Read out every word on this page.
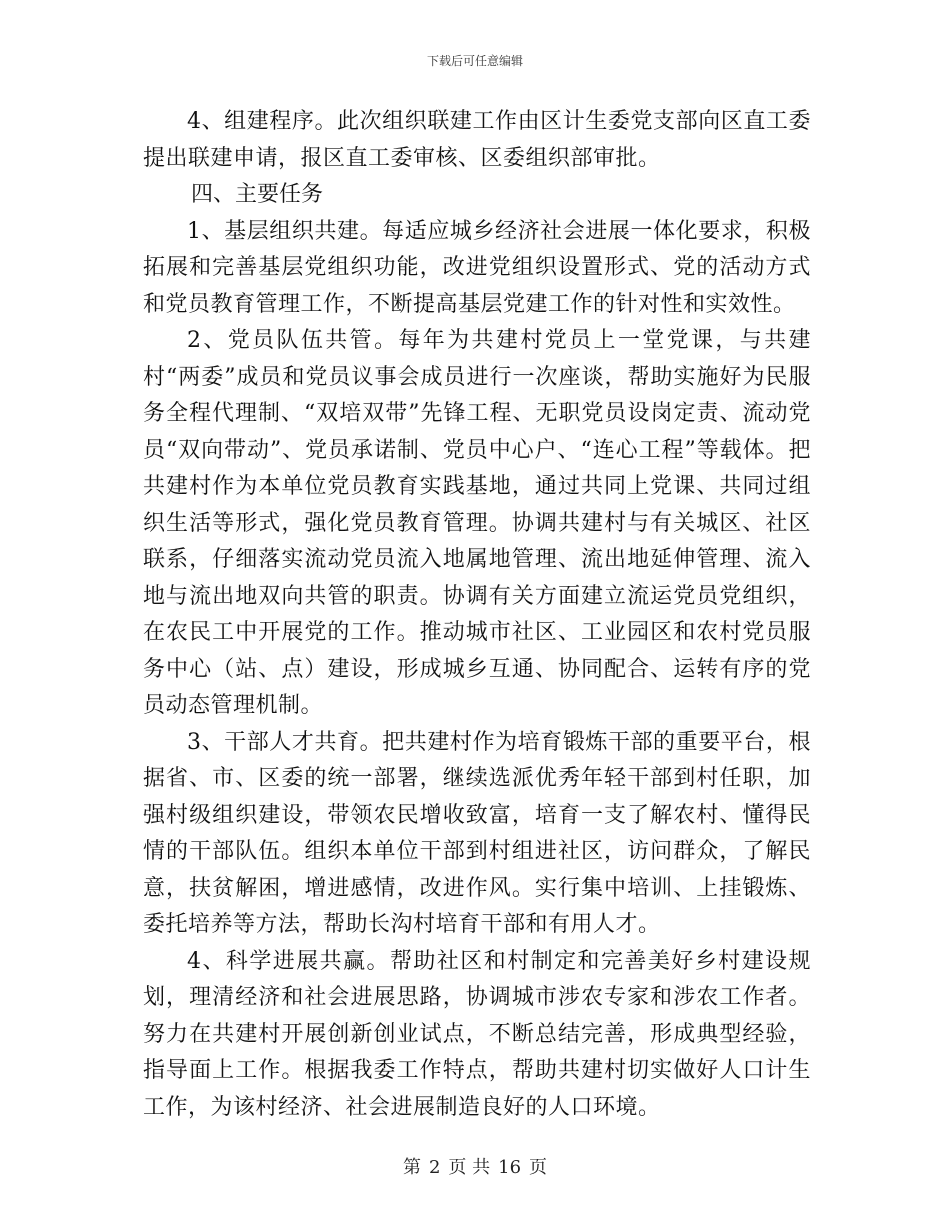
下载后可任意编辑

4、组建程序。此次组织联建工作由区计生委党支部向区直工委提出联建申请，报区直工委审核、区委组织部审批。

四、主要任务

1、基层组织共建。每适应城乡经济社会进展一体化要求，积极拓展和完善基层党组织功能，改进党组织设置形式、党的活动方式和党员教育管理工作，不断提高基层党建工作的针对性和实效性。

2、党员队伍共管。每年为共建村党员上一堂党课，与共建村“两委”成员和党员议事会成员进行一次座谈，帮助实施好为民服务全程代理制、“双培双带”先锋工程、无职党员设岗定责、流动党员“双向带动”、党员承诺制、党员中心户、“连心工程”等载体。把共建村作为本单位党员教育实践基地，通过共同上党课、共同过组织生活等形式，强化党员教育管理。协调共建村与有关城区、社区联系，仔细落实流动党员流入地属地管理、流出地延伸管理、流入地与流出地双向共管的职责。协调有关方面建立流运党员党组织，在农民工中开展党的工作。推动城市社区、工业园区和农村党员服务中心（站、点）建设，形成城乡互通、协同配合、运转有序的党员动态管理机制。

3、干部人才共育。把共建村作为培育锻炼干部的重要平台，根据省、市、区委的统一部署，继续选派优秀年轻干部到村任职，加强村级组织建设，带领农民增收致富，培育一支了解农村、懂得民情的干部队伍。组织本单位干部到村组进社区，访问群众，了解民意，扶贫解困，增进感情，改进作风。实行集中培训、上挂锻炼、委托培养等方法，帮助长沟村培育干部和有用人才。

4、科学进展共赢。帮助社区和村制定和完善美好乡村建设规划，理清经济和社会进展思路，协调城市涉农专家和涉农工作者。努力在共建村开展创新创业试点，不断总结完善，形成典型经验，指导面上工作。根据我委工作特点，帮助共建村切实做好人口计生工作，为该村经济、社会进展制造良好的人口环境。

第 2 页 共 16 页
